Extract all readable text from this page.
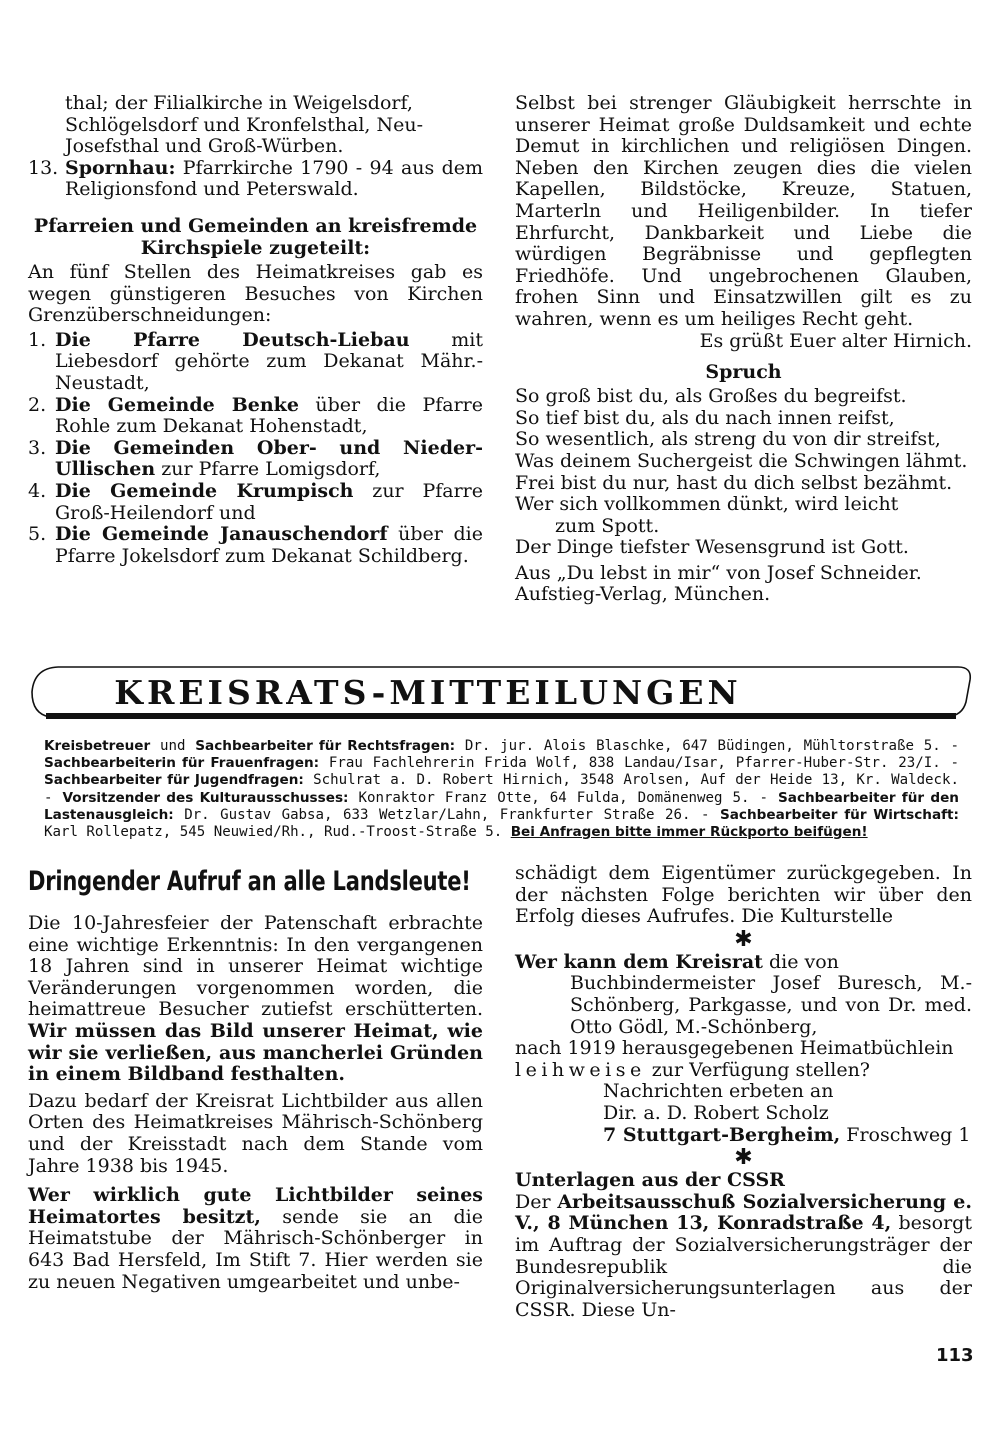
thal; der Filialkirche in Weigelsdorf,

Schlögelsdorf und Kronfelsthal, Neu-

Josefsthal und Groß-Würben.

13. Spornhau: Pfarrkirche 1790 - 94 aus dem Religionsfond und Peterswald.

Pfarreien und Gemeinden an kreisfremde

Kirchspiele zugeteilt:

An fünf Stellen des Heimatkreises gab es wegen günstigeren Besuches von Kirchen Grenzüberschneidungen:

1. Die Pfarre Deutsch-Liebau mit Liebesdorf gehörte zum Dekanat Mähr.-Neustadt,
2. Die Gemeinde Benke über die Pfarre Rohle zum Dekanat Hohenstadt,
3. Die Gemeinden Ober- und Nieder-Ullischen zur Pfarre Lomigsdorf,
4. Die Gemeinde Krumpisch zur Pfarre Groß-Heilendorf und
5. Die Gemeinde Janauschendorf über die Pfarre Jokelsdorf zum Dekanat Schildberg.

Selbst bei strenger Gläubigkeit herrschte in unserer Heimat große Duldsamkeit und echte Demut in kirchlichen und religiösen Dingen. Neben den Kirchen zeugen dies die vielen Kapellen, Bildstöcke, Kreuze, Statuen, Marterln und Heiligenbilder. In tiefer Ehrfurcht, Dankbarkeit und Liebe die würdigen Begräbnisse und gepflegten Friedhöfe. Und ungebrochenen Glauben, frohen Sinn und Einsatzwillen gilt es zu wahren, wenn es um heiliges Recht geht.

Es grüßt Euer alter Hirnich.

Spruch

So groß bist du, als Großes du begreifst.

So tief bist du, als du nach innen reifst,

So wesentlich, als streng du von dir streifst,

Was deinem Suchergeist die Schwingen lähmt.

Frei bist du nur, hast du dich selbst bezähmt.

Wer sich vollkommen dünkt, wird leicht

zum Spott.

Der Dinge tiefster Wesensgrund ist Gott.

Aus „Du lebst in mir“ von Josef Schneider.

Aufstieg-Verlag, München.

KREISRATS-MITTEILUNGEN
Kreisbetreuer und Sachbearbeiter für Rechtsfragen: Dr. jur. Alois Blaschke, 647 Büdingen, Mühltorstraße 5. - Sachbearbeiterin für Frauenfragen: Frau Fachlehrerin Frida Wolf, 838 Landau/Isar, Pfarrer-Huber-Str. 23/I. - Sachbearbeiter für Jugendfragen: Schulrat a. D. Robert Hirnich, 3548 Arolsen, Auf der Heide 13, Kr. Waldeck. - Vorsitzender des Kulturausschusses: Konraktor Franz Otte, 64 Fulda, Domänenweg 5. - Sachbearbeiter für den Lastenausgleich: Dr. Gustav Gabsa, 633 Wetzlar/Lahn, Frankfurter Straße 26. - Sachbearbeiter für Wirtschaft: Karl Rollepatz, 545 Neuwied/Rh., Rud.-Troost-Straße 5. Bei Anfragen bitte immer Rückporto beifügen!
Dringender Aufruf an alle Landsleute!

Die 10-Jahresfeier der Patenschaft erbrachte eine wichtige Erkenntnis: In den vergangenen 18 Jahren sind in unserer Heimat wichtige Veränderungen vorgenommen worden, die heimattreue Besucher zutiefst erschütterten. Wir müssen das Bild unserer Heimat, wie wir sie verließen, aus mancherlei Gründen in einem Bildband festhalten.

Dazu bedarf der Kreisrat Lichtbilder aus allen Orten des Heimatkreises Mährisch-Schönberg und der Kreisstadt nach dem Stande vom Jahre 1938 bis 1945.

Wer wirklich gute Lichtbilder seines Heimatortes besitzt, sende sie an die Heimatstube der Mährisch-Schönberger in 643 Bad Hersfeld, Im Stift 7. Hier werden sie zu neuen Negativen umgearbeitet und unbe-

schädigt dem Eigentümer zurückgegeben. In der nächsten Folge berichten wir über den Erfolg dieses Aufrufes. Die Kulturstelle

✱

Wer kann dem Kreisrat die von

Buchbindermeister Josef Buresch, M.-Schönberg, Parkgasse, und von Dr. med. Otto Gödl, M.-Schönberg,

nach 1919 herausgegebenen Heimatbüchlein

leihweise zur Verfügung stellen?

Nachrichten erbeten an

Dir. a. D. Robert Scholz

7 Stuttgart-Bergheim, Froschweg 1

✱

Unterlagen aus der CSSR

Der Arbeitsausschuß Sozialversicherung e. V., 8 München 13, Konradstraße 4, besorgt im Auftrag der Sozialversicherungsträger der Bundesrepublik die Originalversicherungsunterlagen aus der CSSR. Diese Un-

113
